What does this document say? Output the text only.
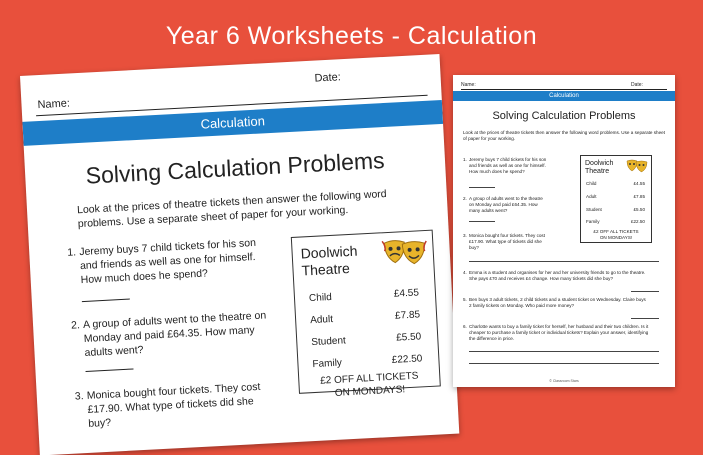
Year 6 Worksheets - Calculation
Name:
Date:
Calculation
Solving Calculation Problems
Look at the prices of theatre tickets then answer the following word problems. Use a separate sheet of paper for your working.
1. Jeremy buys 7 child tickets for his son and friends as well as one for himself. How much does he spend?
2. A group of adults went to the theatre on Monday and paid £64.35. How many adults went?
3. Monica bought four tickets. They cost £17.90. What type of tickets did she buy?
Doolwich
Theatre
Child	£4.55
Adult	£7.85
Student	£5.50
Family	£22.50
£2 OFF ALL TICKETS
ON MONDAYS!
Name:	Date:
Calculation
Solving Calculation Problems
Look at the prices of theatre tickets then answer the following word problems. Use a separate sheet of paper for your working.
1. Jeremy buys 7 child tickets for his son and friends as well as one for himself. How much does he spend?
2. A group of adults went to the theatre on Monday and paid £64.35. How many adults went?
3. Monica bought four tickets. They cost £17.90. What type of tickets did she buy?
4. Emma is a student and organises for her and her university friends to go to the theatre. She pays £70 and receives £4 change. How many tickets did she buy?
5. Ben buys 3 adult tickets, 2 child tickets and a student ticket on Wednesday. Claire buys 2 family tickets on Monday. Who paid more money?
6. Charlotte wants to buy a family ticket for herself, her husband and their two children. Is it cheaper to purchase a family ticket or individual tickets? Explain your answer, identifying the difference in price.
Doolwich
Theatre
Child	£4.55
Adult	£7.85
Student	£5.50
Family	£22.50
£2 OFF ALL TICKETS
ON MONDAYS!
© Classroom Stars
